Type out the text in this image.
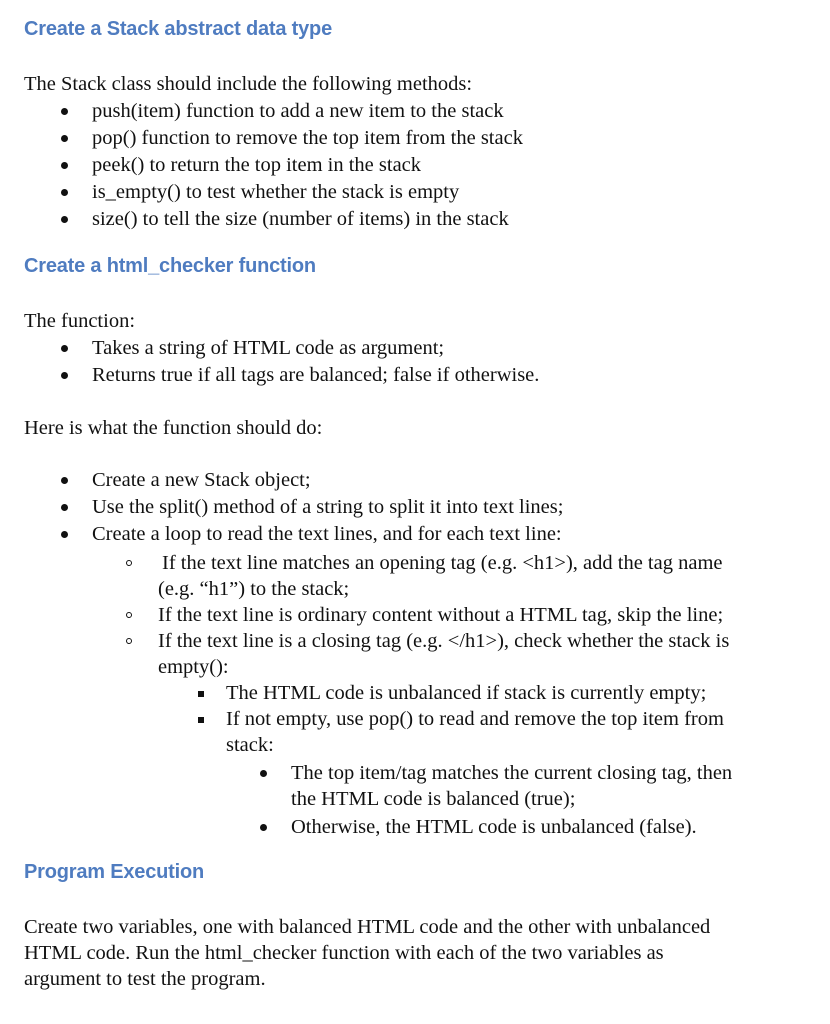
Create a Stack abstract data type
The Stack class should include the following methods:
push(item) function to add a new item to the stack
pop() function to remove the top item from the stack
peek() to return the top item in the stack
is_empty() to test whether the stack is empty
size() to tell the size (number of items) in the stack
Create a html_checker function
The function:
Takes a string of HTML code as argument;
Returns true if all tags are balanced; false if otherwise.
Here is what the function should do:
Create a new Stack object;
Use the split() method of a string to split it into text lines;
Create a loop to read the text lines, and for each text line:
If the text line matches an opening tag (e.g. <h1>), add the tag name
(e.g. “h1”) to the stack;
If the text line is ordinary content without a HTML tag, skip the line;
If the text line is a closing tag (e.g. </h1>), check whether the stack is
empty():
The HTML code is unbalanced if stack is currently empty;
If not empty, use pop() to read and remove the top item from
stack:
The top item/tag matches the current closing tag, then
the HTML code is balanced (true);
Otherwise, the HTML code is unbalanced (false).
Program Execution
Create two variables, one with balanced HTML code and the other with unbalanced
HTML code. Run the html_checker function with each of the two variables as
argument to test the program.
